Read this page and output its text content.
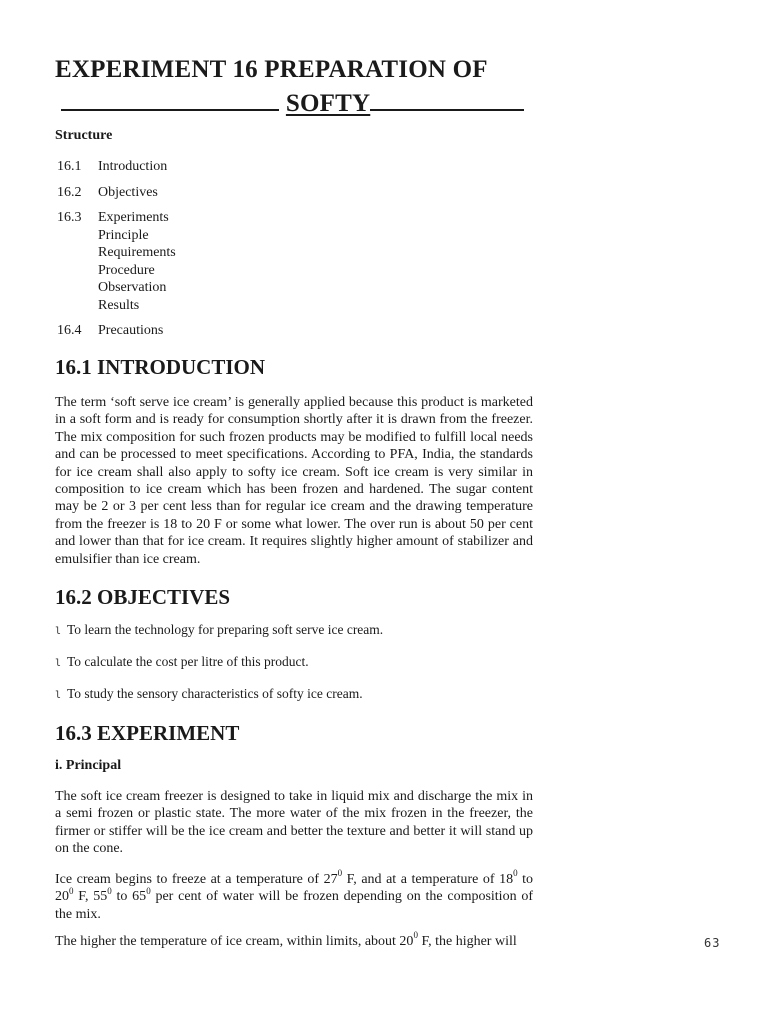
EXPERIMENT 16 PREPARATION OF
SOFTY
Structure
16.1	Introduction
16.2	Objectives
16.3	Experiments
Principle
Requirements
Procedure
Observation
Results
16.4	Precautions
16.1 INTRODUCTION

The term ‘soft serve ice cream’ is generally applied because this product is marketed in a soft form and is ready for consumption shortly after it is drawn from the freezer. The mix composition for such frozen products may be modified to fulfill local needs and can be processed to meet specifications. According to PFA, India, the standards for ice cream shall also apply to softy ice cream. Soft ice cream is very similar in composition to ice cream which has been frozen and hardened. The sugar content may be 2 or 3 per cent less than for regular ice cream and the drawing temperature from the freezer is 18 to 20 F or some what lower. The over run is about 50 per cent and lower than that for ice cream. It requires slightly higher amount of stabilizer and emulsifier than ice cream.

16.2 OBJECTIVES
l To learn the technology for preparing soft serve ice cream.
l To calculate the cost per litre of this product.
l To study the sensory characteristics of softy ice cream.
16.3 EXPERIMENT
i. Principal

The soft ice cream freezer is designed to take in liquid mix and discharge the mix in a semi frozen or plastic state. The more water of the mix frozen in the freezer, the firmer or stiffer will be the ice cream and better the texture and better it will stand up on the cone.

Ice cream begins to freeze at a temperature of $27^0$ F, and at a temperature of $18^0$ to $20^0$ F, $55^0$ to $65^0$ per cent of water will be frozen depending on the composition of the mix.

The higher the temperature of ice cream, within limits, about $20^0$ F, the higher will	63
